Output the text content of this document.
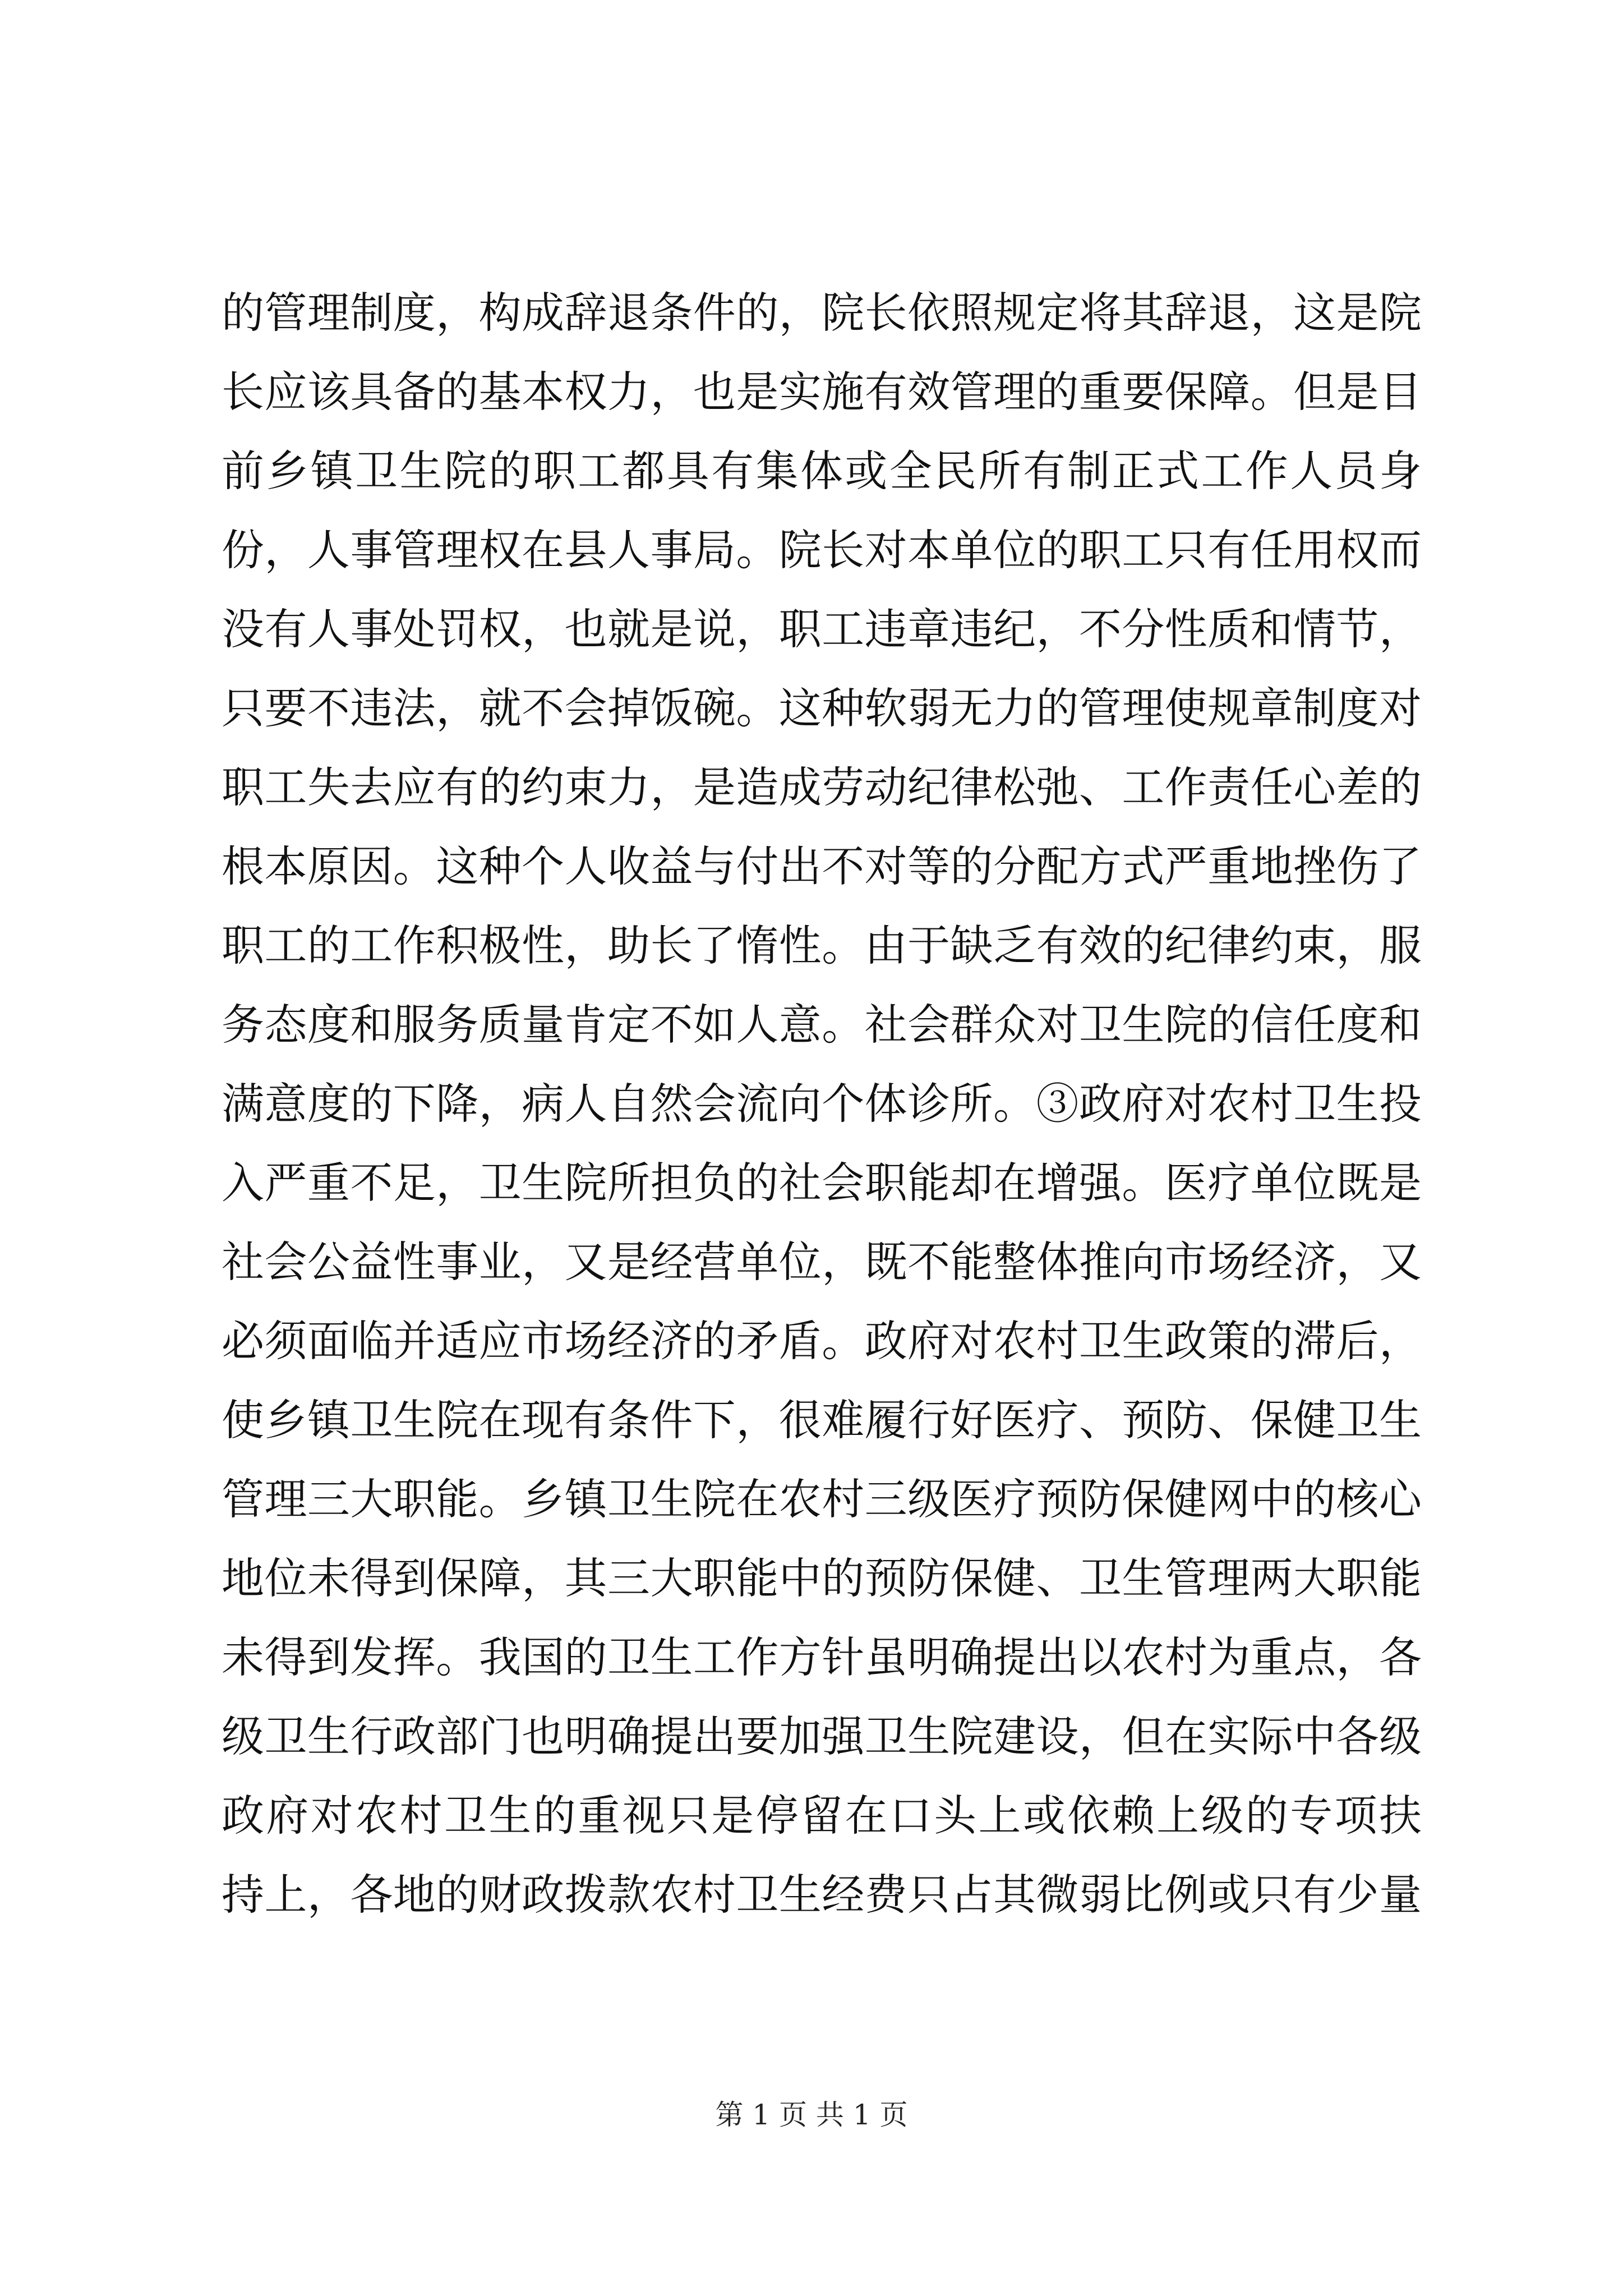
的管理制度，构成辞退条件的，院长依照规定将其辞退，这是院
长应该具备的基本权力，也是实施有效管理的重要保障。但是目
前乡镇卫生院的职工都具有集体或全民所有制正式工作人员身
份，人事管理权在县人事局。院长对本单位的职工只有任用权而
没有人事处罚权，也就是说，职工违章违纪，不分性质和情节，
只要不违法，就不会掉饭碗。这种软弱无力的管理使规章制度对
职工失去应有的约束力，是造成劳动纪律松弛、工作责任心差的
根本原因。这种个人收益与付出不对等的分配方式严重地挫伤了
职工的工作积极性，助长了惰性。由于缺乏有效的纪律约束，服
务态度和服务质量肯定不如人意。社会群众对卫生院的信任度和
满意度的下降，病人自然会流向个体诊所。③政府对农村卫生投
入严重不足，卫生院所担负的社会职能却在增强。医疗单位既是
社会公益性事业，又是经营单位，既不能整体推向市场经济，又
必须面临并适应市场经济的矛盾。政府对农村卫生政策的滞后，
使乡镇卫生院在现有条件下，很难履行好医疗、预防、保健卫生
管理三大职能。乡镇卫生院在农村三级医疗预防保健网中的核心
地位未得到保障，其三大职能中的预防保健、卫生管理两大职能
未得到发挥。我国的卫生工作方针虽明确提出以农村为重点，各
级卫生行政部门也明确提出要加强卫生院建设，但在实际中各级
政府对农村卫生的重视只是停留在口头上或依赖上级的专项扶
持上，各地的财政拨款农村卫生经费只占其微弱比例或只有少量
第 1 页 共 1 页
